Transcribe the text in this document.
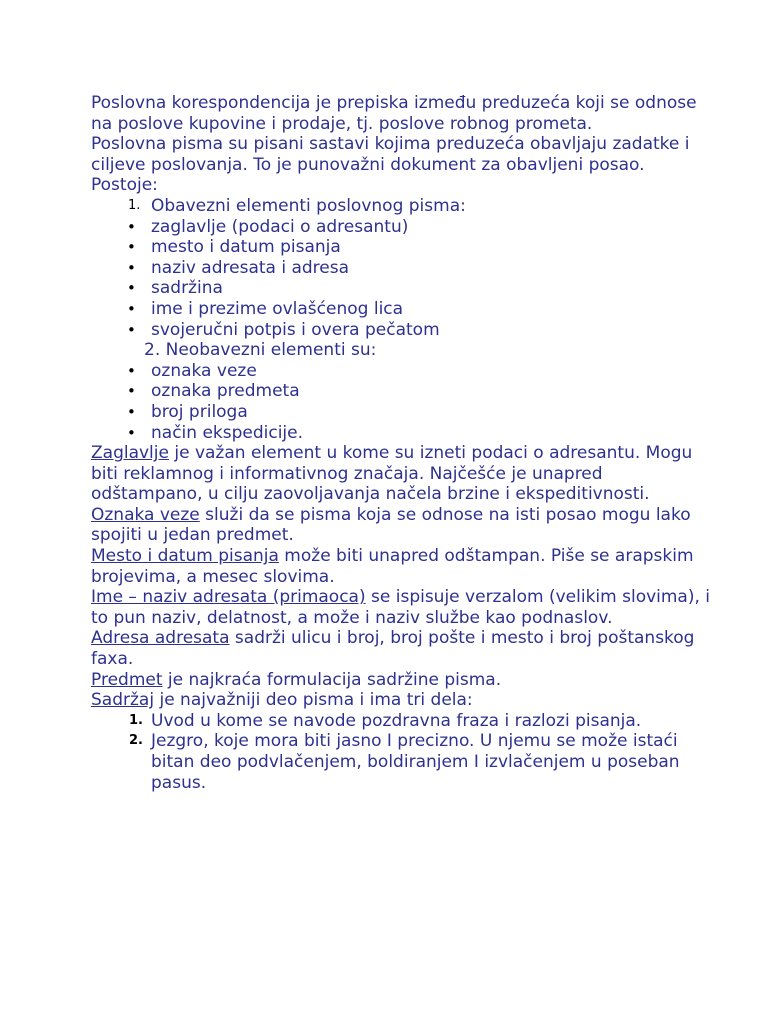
Poslovna korespondencija je prepiska između preduzeća koji se odnose na poslove kupovine i prodaje, tj. poslove robnog prometa.

Poslovna pisma su pisani sastavi kojima preduzeća obavljaju zadatke i ciljeve poslovanja. To je punovažni dokument za obavljeni posao.

Postoje:

1. Obavezni elementi poslovnog pisma:
• zaglavlje (podaci o adresantu)
• mesto i datum pisanja
• naziv adresata i adresa
• sadržina
• ime i prezime ovlašćenog lica
• svojeručni potpis i overa pečatom
2. Neobavezni elementi su:
• oznaka veze
• oznaka predmeta
• broj priloga
• način ekspedicije.

Zaglavlje je važan element u kome su izneti podaci o adresantu. Mogu biti reklamnog i informativnog značaja. Najčešće je unapred odštampano, u cilju zaovoljavanja načela brzine i ekspeditivnosti.

Oznaka veze služi da se pisma koja se odnose na isti posao mogu lako spojiti u jedan predmet.

Mesto i datum pisanja može biti unapred odštampan. Piše se arapskim brojevima, a mesec slovima.

Ime – naziv adresata (primaoca) se ispisuje verzalom (velikim slovima), i to pun naziv, delatnost, a može i naziv službe kao podnaslov.

Adresa adresata sadrži ulicu i broj, broj pošte i mesto i broj poštanskog faxa.

Predmet je najkraća formulacija sadržine pisma.

Sadržaj je najvažniji deo pisma i ima tri dela:

1. Uvod u kome se navode pozdravna fraza i razlozi pisanja.
2. Jezgro, koje mora biti jasno I precizno. U njemu se može istaći bitan deo podvlačenjem, boldiranjem I izvlačenjem u poseban pasus.
